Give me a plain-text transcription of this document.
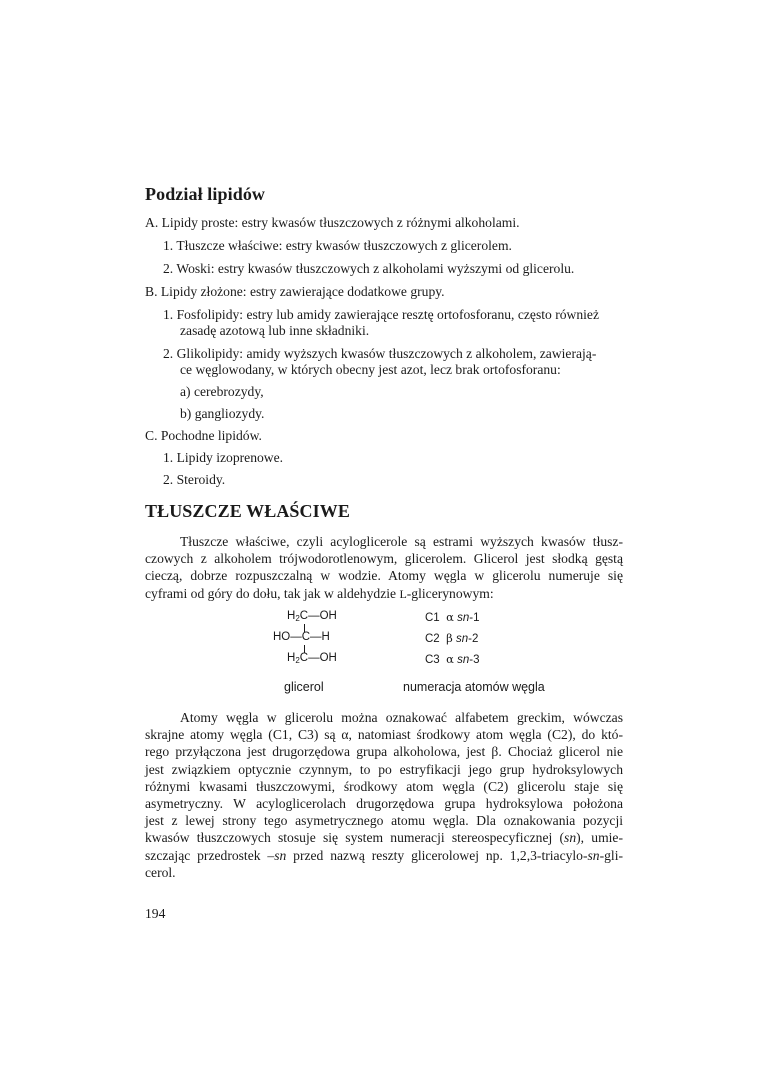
Podział lipidów
A. Lipidy proste: estry kwasów tłuszczowych z różnymi alkoholami.
1. Tłuszcze właściwe: estry kwasów tłuszczowych z glicerolem.
2. Woski: estry kwasów tłuszczowych z alkoholami wyższymi od glicerolu.
B. Lipidy złożone: estry zawierające dodatkowe grupy.
1. Fosfolipidy: estry lub amidy zawierające resztę ortofosforanu, często również
zasadę azotową lub inne składniki.
2. Glikolipidy: amidy wyższych kwasów tłuszczowych z alkoholem, zawierają-
ce węglowodany, w których obecny jest azot, lecz brak ortofosforanu:
a) cerebrozydy,
b) gangliozydy.
C. Pochodne lipidów.
1. Lipidy izoprenowe.
2. Steroidy.
TŁUSZCZE WŁAŚCIWE
Tłuszcze właściwe, czyli acyloglicerole są estrami wyższych kwasów tłusz-
czowych z alkoholem trójwodorotlenowym, glicerolem. Glicerol jest słodką gęstą
cieczą, dobrze rozpuszczalną w wodzie. Atomy węgla w glicerolu numeruje się
cyframi od góry do dołu, tak jak w aldehydzie L-glicerynowym:
$H_2C—OH$
HO—C—H
$H_2C—OH$
C1 α sn-1
C2 β sn-2
C3 α sn-3
glicerol	numeracja atomów węgla
Atomy węgla w glicerolu można oznakować alfabetem greckim, wówczas
skrajne atomy węgla (C1, C3) są α, natomiast środkowy atom węgla (C2), do któ-
rego przyłączona jest drugorzędowa grupa alkoholowa, jest β. Chociaż glicerol nie
jest związkiem optycznie czynnym, to po estryfikacji jego grup hydroksylowych
różnymi kwasami tłuszczowymi, środkowy atom węgla (C2) glicerolu staje się
asymetryczny. W acyloglicerolach drugorzędowa grupa hydroksylowa położona
jest z lewej strony tego asymetrycznego atomu węgla. Dla oznakowania pozycji
kwasów tłuszczowych stosuje się system numeracji stereospecyficznej (sn), umie-
szczając przedrostek –sn przed nazwą reszty glicerolowej np. 1,2,3-triacylo-sn-gli-
cerol.
194
